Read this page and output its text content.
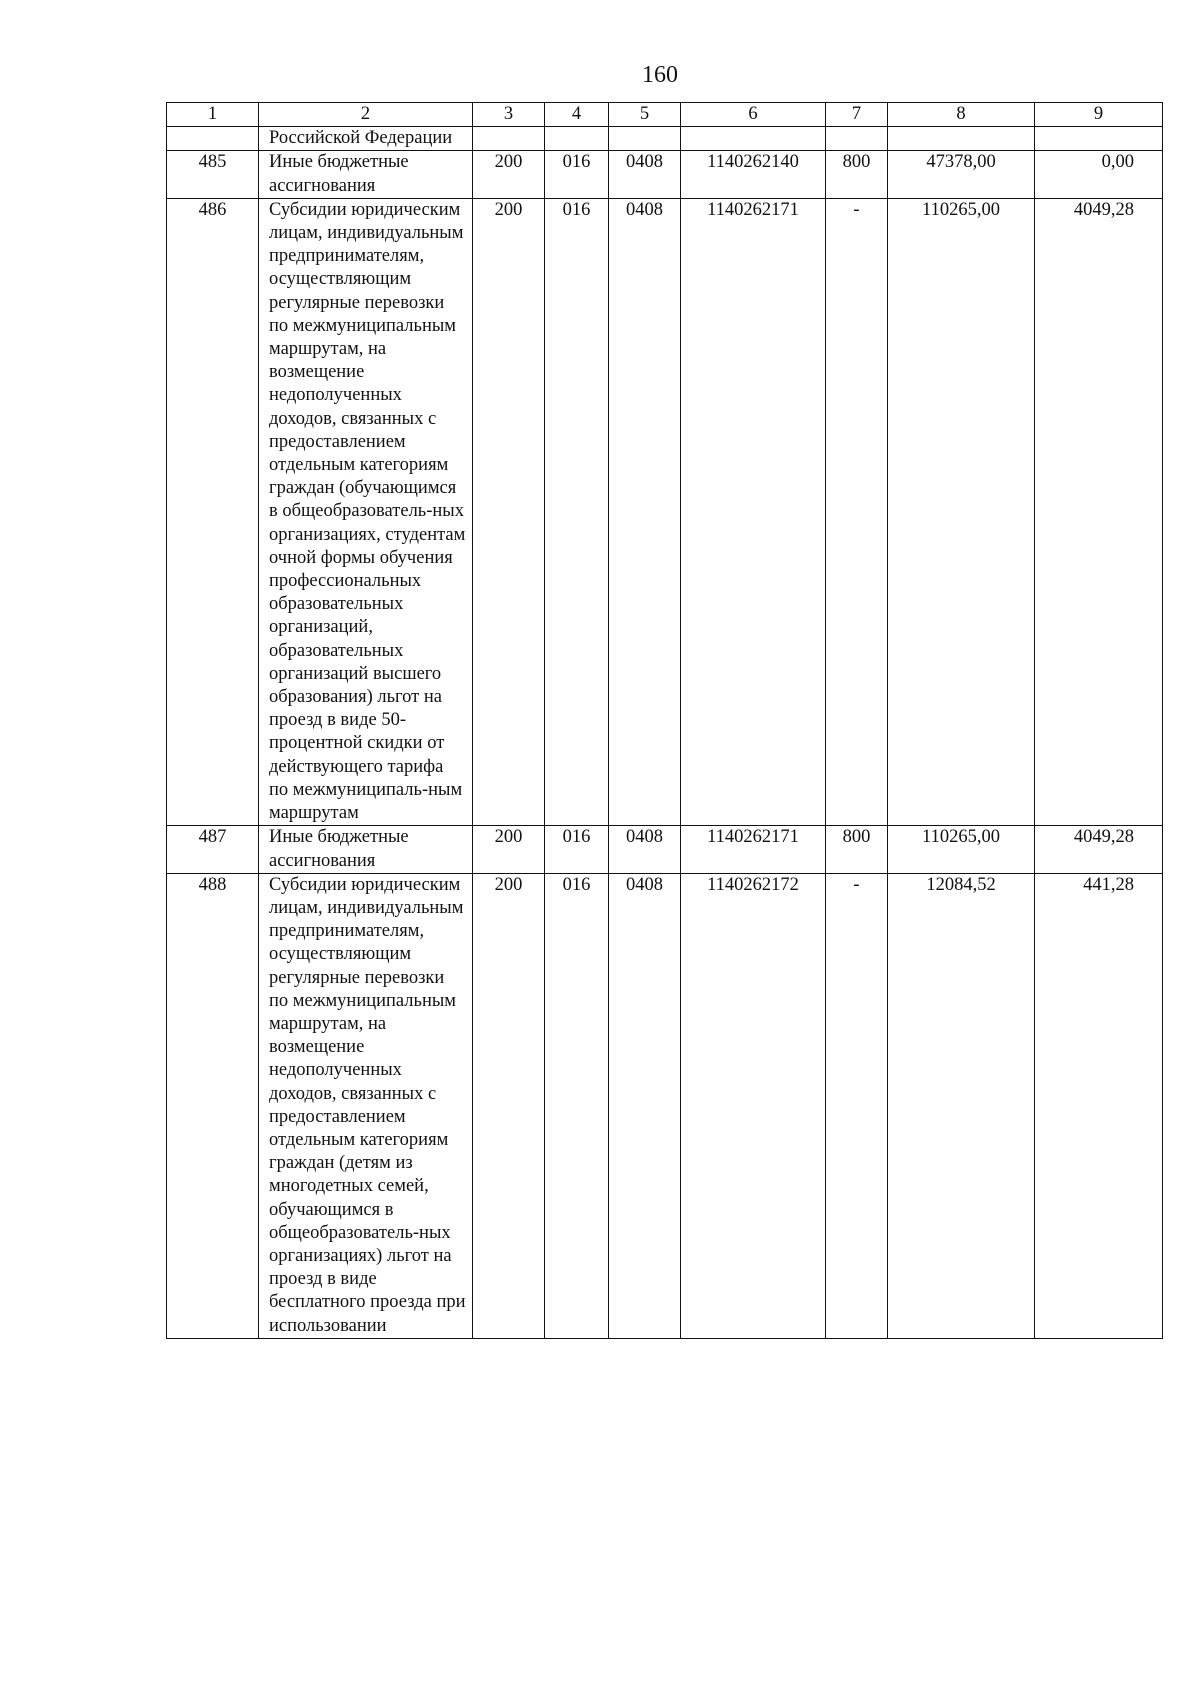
160
1	2	3	4	5	6	7	8	9
	Российской Федерации							
485	Иные бюджетные ассигнования	200	016	0408	1140262140	800	47378,00	0,00
486	Субсидии юридическим лицам, индивидуальным предпринимателям, осуществляющим регулярные перевозки по межмуниципальным маршрутам, на возмещение недополученных доходов, связанных с предоставлением отдельным категориям граждан (обучающимся в общеобразователь-ных организациях, студентам очной формы обучения профессиональных образовательных организаций, образовательных организаций высшего образования) льгот на проезд в виде 50-процентной скидки от действующего тарифа по межмуниципаль-ным маршрутам	200	016	0408	1140262171	-	110265,00	4049,28
487	Иные бюджетные ассигнования	200	016	0408	1140262171	800	110265,00	4049,28
488	Субсидии юридическим лицам, индивидуальным предпринимателям, осуществляющим регулярные перевозки по межмуниципальным маршрутам, на возмещение недополученных доходов, связанных с предоставлением отдельным категориям граждан (детям из многодетных семей, обучающимся в общеобразователь-ных организациях) льгот на проезд в виде бесплатного проезда при использовании	200	016	0408	1140262172	-	12084,52	441,28
